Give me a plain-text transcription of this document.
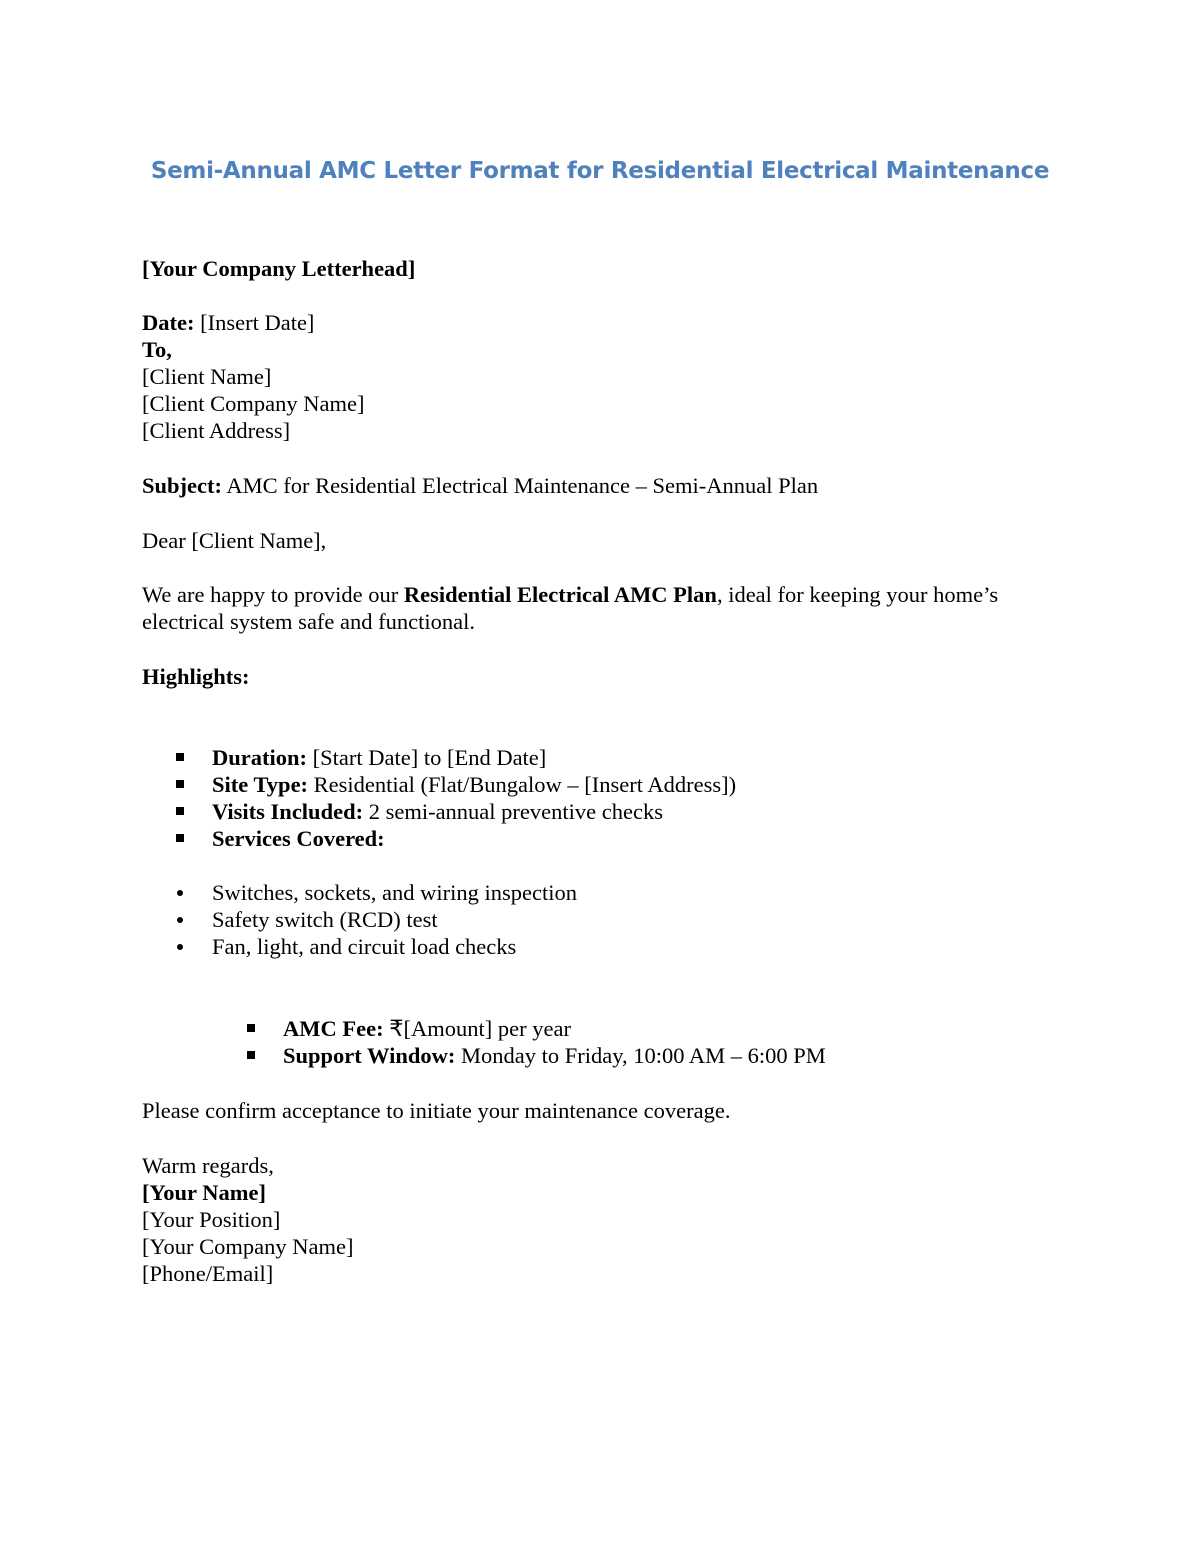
Semi-Annual AMC Letter Format for Residential Electrical Maintenance
[Your Company Letterhead]
Date: [Insert Date]
To,
[Client Name]
[Client Company Name]
[Client Address]
Subject: AMC for Residential Electrical Maintenance – Semi-Annual Plan
Dear [Client Name],
We are happy to provide our Residential Electrical AMC Plan, ideal for keeping your home’s
electrical system safe and functional.
Highlights:
Duration: [Start Date] to [End Date]
Site Type: Residential (Flat/Bungalow – [Insert Address])
Visits Included: 2 semi-annual preventive checks
Services Covered:
Switches, sockets, and wiring inspection
Safety switch (RCD) test
Fan, light, and circuit load checks
AMC Fee: ₹[Amount] per year
Support Window: Monday to Friday, 10:00 AM – 6:00 PM
Please confirm acceptance to initiate your maintenance coverage.
Warm regards,
[Your Name]
[Your Position]
[Your Company Name]
[Phone/Email]
